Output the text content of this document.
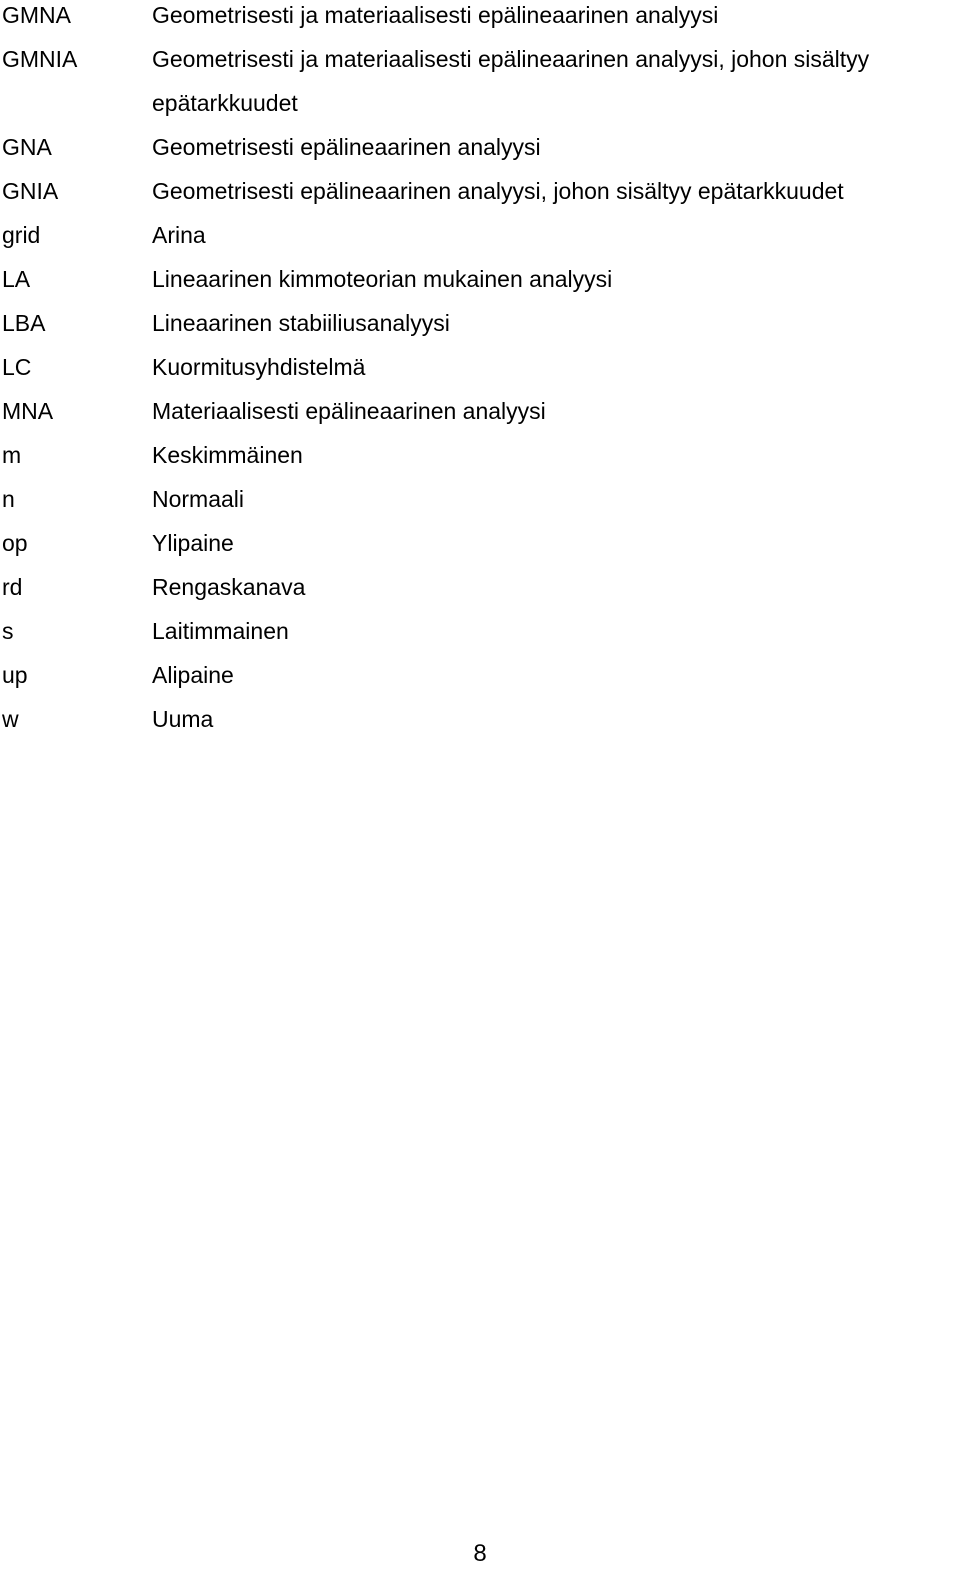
GMNA	Geometrisesti ja materiaalisesti epälineaarinen analyysi
GMNIA	Geometrisesti ja materiaalisesti epälineaarinen analyysi, johon sisältyy epätarkkuudet
GNA	Geometrisesti epälineaarinen analyysi
GNIA	Geometrisesti epälineaarinen analyysi, johon sisältyy epätarkkuudet
grid	Arina
LA	Lineaarinen kimmoteorian mukainen analyysi
LBA	Lineaarinen stabiiliusanalyysi
LC	Kuormitusyhdistelmä
MNA	Materiaalisesti epälineaarinen analyysi
m	Keskimmäinen
n	Normaali
op	Ylipaine
rd	Rengaskanava
s	Laitimmainen
up	Alipaine
w	Uuma
8
